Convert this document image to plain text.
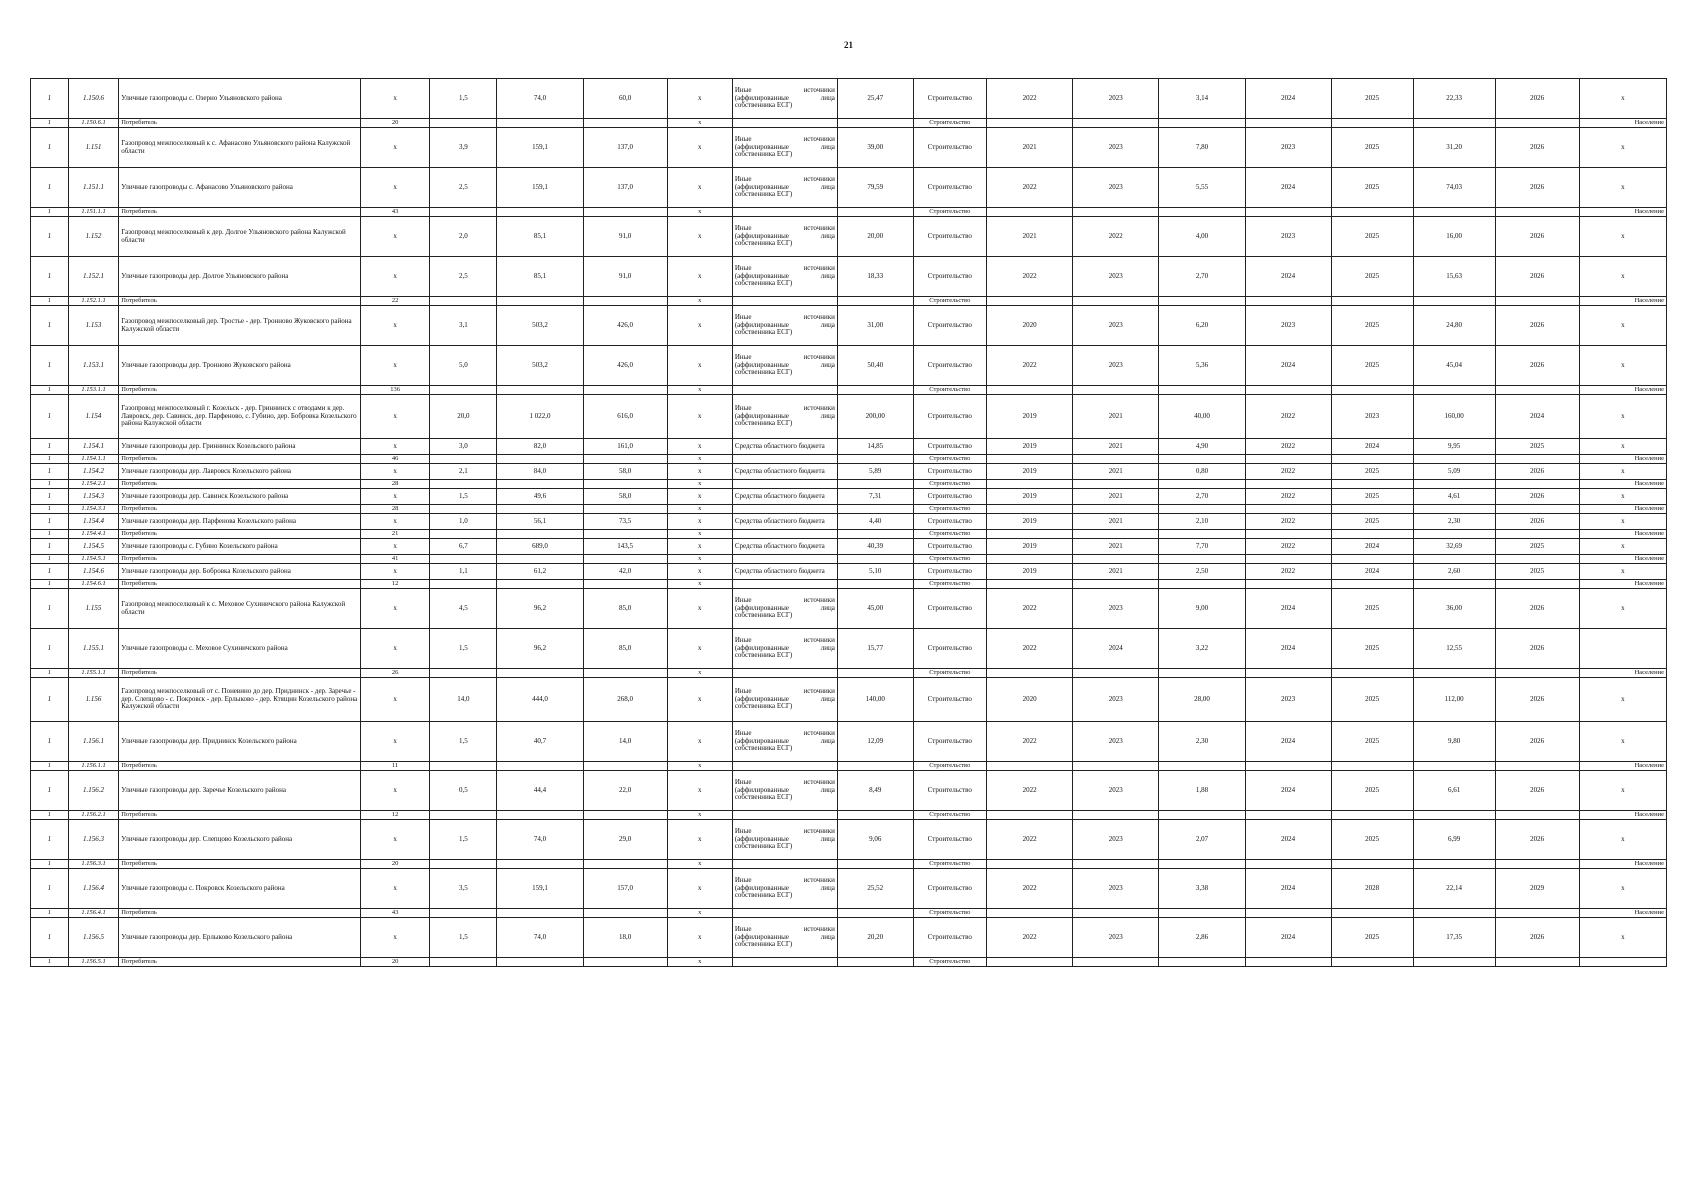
21
1	1.150.6	Уличные газопроводы с. Озерно Ульяновского района	x	1,5	74,0	60,0	x	Иные источники (аффилированные лица собственника ЕСГ)	25,47	Строительство	2022	2023	3,14	2024	2025	22,33	2026	x
1	1.150.6.1	Потребитель	20				x			Строительство								Население
1	1.151	Газопровод межпоселковый к с. Афанасово Ульяновского района Калужской области	x	3,9	159,1	137,0	x	Иные источники (аффилированные лица собственника ЕСГ)	39,00	Строительство	2021	2023	7,80	2023	2025	31,20	2026	x
1	1.151.1	Уличные газопроводы с. Афанасово Ульяновского района	x	2,5	159,1	137,0	x	Иные источники (аффилированные лица собственника ЕСГ)	79,59	Строительство	2022	2023	5,55	2024	2025	74,03	2026	x
1	1.151.1.1	Потребитель	43				x			Строительство								Население
1	1.152	Газопровод межпоселковый к дер. Долгое Ульяновского района Калужской области	x	2,0	85,1	91,0	x	Иные источники (аффилированные лица собственника ЕСГ)	20,00	Строительство	2021	2022	4,00	2023	2025	16,00	2026	x
1	1.152.1	Уличные газопроводы дер. Долгое Ульяновского района	x	2,5	85,1	91,0	x	Иные источники (аффилированные лица собственника ЕСГ)	18,33	Строительство	2022	2023	2,70	2024	2025	15,63	2026	x
1	1.152.1.1	Потребитель	22				x			Строительство								Население
1	1.153	Газопровод межпоселковый дер. Тростье - дер. Тронново Жуковского района Калужской области	x	3,1	503,2	426,0	x	Иные источники (аффилированные лица собственника ЕСГ)	31,00	Строительство	2020	2023	6,20	2023	2025	24,80	2026	x
1	1.153.1	Уличные газопроводы дер. Тронново Жуковского района	x	5,0	503,2	426,0	x	Иные источники (аффилированные лица собственника ЕСГ)	50,40	Строительство	2022	2023	5,36	2024	2025	45,04	2026	x
1	1.153.1.1	Потребитель	136				x			Строительство								Население
1	1.154	Газопровод межпоселковый г. Козельск - дер. Гриннинск с отводами к дер. Лавровск, дер. Савинск, дер. Парфеново, с. Губино, дер. Бобровка Козельского района Калужской области	x	20,0	1 022,0	616,0	x	Иные источники (аффилированные лица собственника ЕСГ)	200,00	Строительство	2019	2021	40,00	2022	2023	160,00	2024	x
1	1.154.1	Уличные газопроводы дер. Гриннинск Козельского района	x	3,0	82,0	161,0	x	Средства областного бюджета	14,85	Строительство	2019	2021	4,90	2022	2024	9,95	2025	x
1	1.154.1.1	Потребитель	46				x			Строительство								Население
1	1.154.2	Уличные газопроводы дер. Лавровск Козельского района	x	2,1	84,0	58,0	x	Средства областного бюджета	5,89	Строительство	2019	2021	0,80	2022	2025	5,09	2026	x
1	1.154.2.1	Потребитель	28				x			Строительство								Население
1	1.154.3	Уличные газопроводы дер. Савинск Козельского района	x	1,5	49,6	58,0	x	Средства областного бюджета	7,31	Строительство	2019	2021	2,70	2022	2025	4,61	2026	x
1	1.154.3.1	Потребитель	28				x			Строительство								Население
1	1.154.4	Уличные газопроводы дер. Парфенова Козельского района	x	1,0	56,1	73,5	x	Средства областного бюджета	4,40	Строительство	2019	2021	2,10	2022	2025	2,30	2026	x
1	1.154.4.1	Потребитель	21				x			Строительство								Население
1	1.154.5	Уличные газопроводы с. Губино Козельского района	x	6,7	689,0	143,5	x	Средства областного бюджета	40,39	Строительство	2019	2021	7,70	2022	2024	32,69	2025	x
1	1.154.5.1	Потребитель	41				x			Строительство								Население
1	1.154.6	Уличные газопроводы дер. Бобровка Козельского района	x	1,1	61,2	42,0	x	Средства областного бюджета	5,10	Строительство	2019	2021	2,50	2022	2024	2,60	2025	x
1	1.154.6.1	Потребитель	12				x			Строительство								Население
1	1.155	Газопровод межпоселковый к с. Меховое Сухиничского района Калужской области	x	4,5	96,2	85,0	x	Иные источники (аффилированные лица собственника ЕСГ)	45,00	Строительство	2022	2023	9,00	2024	2025	36,00	2026	x
1	1.155.1	Уличные газопроводы с. Меховое Сухиничского района	x	1,5	96,2	85,0	x	Иные источники (аффилированные лица собственника ЕСГ)	15,77	Строительство	2022	2024	3,22	2024	2025	12,55	2026	
1	1.155.1.1	Потребитель	26				x			Строительство								Население
1	1.156	Газопровод межпоселковый от с. Поневино до дер. Приднинск - дер. Заречье - дер. Слепцово - с. Покровск - дер. Ерлыково - дер. Ктящин Козельского района Калужской области	x	14,0	444,0	268,0	x	Иные источники (аффилированные лица собственника ЕСГ)	140,00	Строительство	2020	2023	28,00	2023	2025	112,00	2026	x
1	1.156.1	Уличные газопроводы дер. Приднинск Козельского района	x	1,5	40,7	14,0	x	Иные источники (аффилированные лица собственника ЕСГ)	12,09	Строительство	2022	2023	2,30	2024	2025	9,80	2026	x
1	1.156.1.1	Потребитель	11				x			Строительство								Население
1	1.156.2	Уличные газопроводы дер. Заречье Козельского района	x	0,5	44,4	22,0	x	Иные источники (аффилированные лица собственника ЕСГ)	8,49	Строительство	2022	2023	1,88	2024	2025	6,61	2026	x
1	1.156.2.1	Потребитель	12				x			Строительство								Население
1	1.156.3	Уличные газопроводы дер. Слепцово Козельского района	x	1,5	74,0	29,0	x	Иные источники (аффилированные лица собственника ЕСГ)	9,06	Строительство	2022	2023	2,07	2024	2025	6,99	2026	x
1	1.156.3.1	Потребитель	20				x			Строительство								Население
1	1.156.4	Уличные газопроводы с. Покровск Козельского района	x	3,5	159,1	157,0	x	Иные источники (аффилированные лица собственника ЕСГ)	25,52	Строительство	2022	2023	3,38	2024	2028	22,14	2029	x
1	1.156.4.1	Потребитель	43				x			Строительство								Население
1	1.156.5	Уличные газопроводы дер. Ерлыково Козельского района	x	1,5	74,0	18,0	x	Иные источники (аффилированные лица собственника ЕСГ)	20,20	Строительство	2022	2023	2,86	2024	2025	17,35	2026	x
1	1.156.5.1	Потребитель	20				x			Строительство								
